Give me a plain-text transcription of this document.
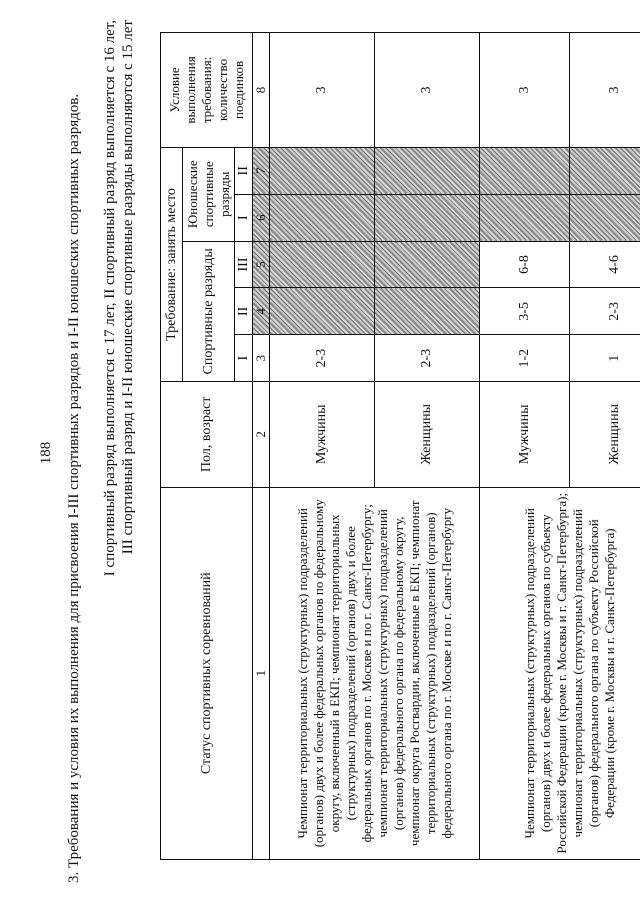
188 3. Требования и условия их выполнения для присвоения I-III спортивных разрядов и I-II юношеских спортивных разрядов. I спортивный разряд выполняется с 17 лет, II спортивный разряд выполняется с 16 лет, III спортивный разряд и I-II юношеские спортивные разряды выполняются с 15 лет
Статус спортивных соревнований	Пол, возраст	Требование: занять место					Условие выполнения требования: количество поединков
		Спортивные разряды			Юношеские спортивные разряды		
		I	II	III	I	II	
1	2	3	4	5	6	7	8
Чемпионат территориальных (структурных) подразделений (органов) двух и более федеральных органов по федеральному округу, включенный в ЕКП; чемпионат территориальных (структурных) подразделений (органов) двух и более федеральных органов по г. Москве и по г. Санкт-Петербургу; чемпионат территориальных (структурных) подразделений (органов) федерального органа по федеральному округу, чемпионат округа Росгвардии, включенные в ЕКП; чемпионат территориальных (структурных) подразделений (органов) федерального органа по г. Москве и по г. Санкт-Петербургу	Мужчины	2-3					3
	Женщины	2-3					3
Чемпионат территориальных (структурных) подразделений (органов) двух и более федеральных органов по субъекту Российской Федерации (кроме г. Москвы и г. Санкт-Петербурга); чемпионат территориальных (структурных) подразделений (органов) федерального органа по субъекту Российской Федерации (кроме г. Москвы и г. Санкт-Петербурга)	Мужчины	1-2	3-5	6-8			3
	Женщины	1	2-3	4-6			3
